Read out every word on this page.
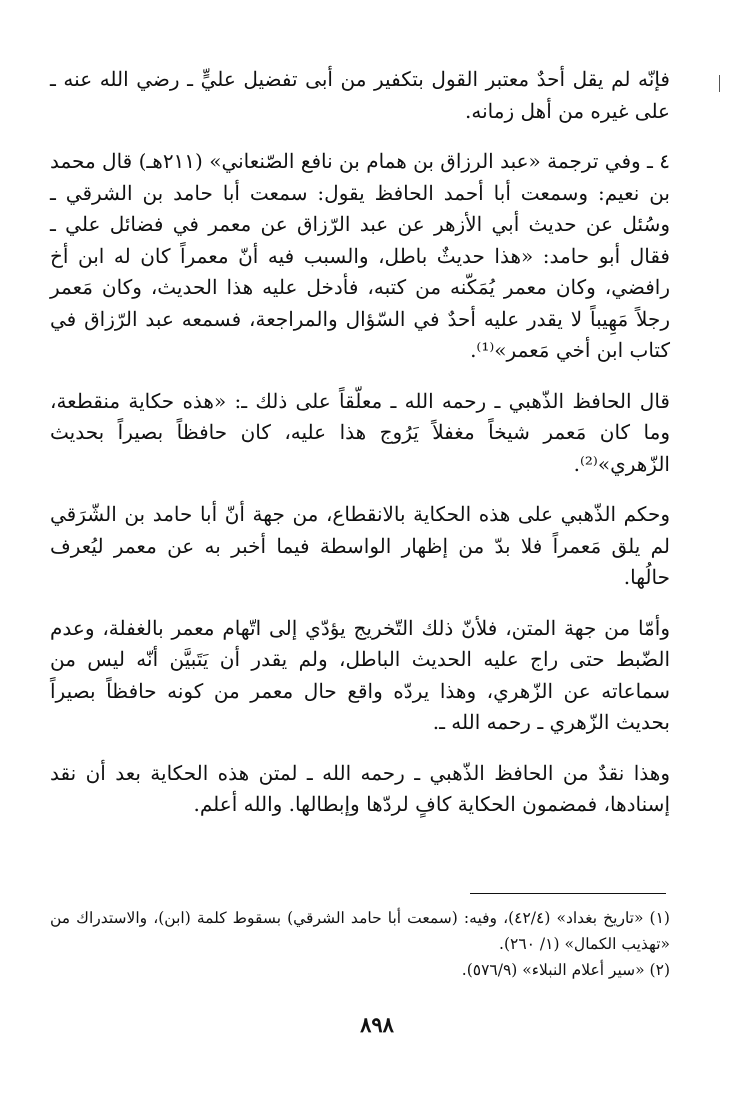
فإنّه لم يقل أحدٌ معتبر القول بتكفير من أبى تفضيل عليٍّ ـ رضي الله عنه ـ على غيره من أهل زمانه.

٤ ـ وفي ترجمة «عبد الرزاق بن همام بن نافع الصّنعاني» (٢١١هـ) قال محمد بن نعيم: وسمعت أبا أحمد الحافظ يقول: سمعت أبا حامد بن الشرقي ـ وسُئل عن حديث أبي الأزهر عن عبد الرّزاق عن معمر في فضائل علي ـ فقال أبو حامد: «هذا حديثٌ باطل، والسبب فيه أنّ معمراً كان له ابن أخ رافضي، وكان معمر يُمَكّنه من كتبه، فأدخل عليه هذا الحديث، وكان مَعمر رجلاً مَهِيباً لا يقدر عليه أحدٌ في السّؤال والمراجعة، فسمعه عبد الرّزاق في كتاب ابن أخي مَعمر»⁽¹⁾.

قال الحافظ الذّهبي ـ رحمه الله ـ معلّقاً على ذلك ـ: «هذه حكاية منقطعة، وما كان مَعمر شيخاً مغفلاً يَرُوج هذا عليه، كان حافظاً بصيراً بحديث الزّهري»⁽²⁾.

وحكم الذّهبي على هذه الحكاية بالانقطاع، من جهة أنّ أبا حامد بن الشّرَقي لم يلق مَعمراً فلا بدّ من إظهار الواسطة فيما أخبر به عن معمر ليُعرف حالُها.

وأمّا من جهة المتن، فلأنّ ذلك التّخريج يؤدّي إلى اتّهام معمر بالغفلة، وعدم الضّبط حتى راج عليه الحديث الباطل، ولم يقدر أن يَتَبيَّن أنّه ليس من سماعاته عن الزّهري، وهذا يردّه واقع حال معمر من كونه حافظاً بصيراً بحديث الزّهري ـ رحمه الله ـ.

وهذا نقدٌ من الحافظ الذّهبي ـ رحمه الله ـ لمتن هذه الحكاية بعد أن نقد إسنادها، فمضمون الحكاية كافٍ لردّها وإبطالها. والله أعلم.

(١) «تاريخ بغداد» (٤٢/٤)، وفيه: (سمعت أبا حامد الشرقي) بسقوط كلمة (ابن)، والاستدراك من «تهذيب الكمال» (١/ ٢٦٠).

(٢) «سير أعلام النبلاء» (٥٧٦/٩).

٨٩٨
